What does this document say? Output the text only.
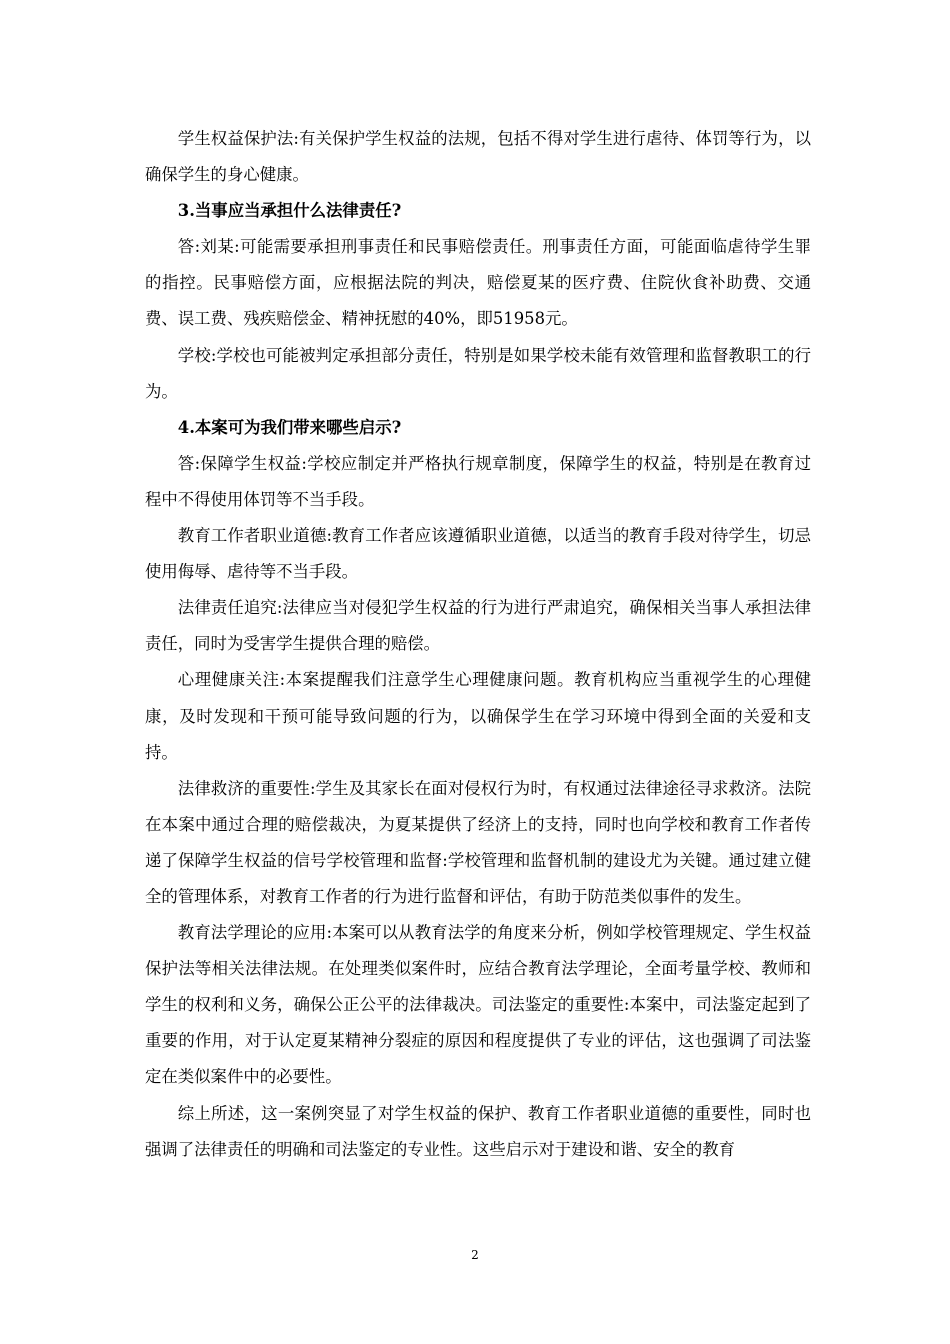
学生权益保护法:有关保护学生权益的法规，包括不得对学生进行虐待、体罚等行为，以确保学生的身心健康。

3.当事应当承担什么法律责任?

答:刘某:可能需要承担刑事责任和民事赔偿责任。刑事责任方面，可能面临虐待学生罪的指控。民事赔偿方面，应根据法院的判决，赔偿夏某的医疗费、住院伙食补助费、交通费、误工费、残疾赔偿金、精神抚慰的40%，即51958元。

学校:学校也可能被判定承担部分责任，特别是如果学校未能有效管理和监督教职工的行为。

4.本案可为我们带来哪些启示?

答:保障学生权益:学校应制定并严格执行规章制度，保障学生的权益，特别是在教育过程中不得使用体罚等不当手段。

教育工作者职业道德:教育工作者应该遵循职业道德，以适当的教育手段对待学生，切忌使用侮辱、虐待等不当手段。

法律责任追究:法律应当对侵犯学生权益的行为进行严肃追究，确保相关当事人承担法律责任，同时为受害学生提供合理的赔偿。

心理健康关注:本案提醒我们注意学生心理健康问题。教育机构应当重视学生的心理健康，及时发现和干预可能导致问题的行为，以确保学生在学习环境中得到全面的关爱和支持。

法律救济的重要性:学生及其家长在面对侵权行为时，有权通过法律途径寻求救济。法院在本案中通过合理的赔偿裁决，为夏某提供了经济上的支持，同时也向学校和教育工作者传递了保障学生权益的信号学校管理和监督:学校管理和监督机制的建设尤为关键。通过建立健全的管理体系，对教育工作者的行为进行监督和评估，有助于防范类似事件的发生。

教育法学理论的应用:本案可以从教育法学的角度来分析，例如学校管理规定、学生权益保护法等相关法律法规。在处理类似案件时，应结合教育法学理论，全面考量学校、教师和学生的权利和义务，确保公正公平的法律裁决。司法鉴定的重要性:本案中，司法鉴定起到了重要的作用，对于认定夏某精神分裂症的原因和程度提供了专业的评估，这也强调了司法鉴定在类似案件中的必要性。

综上所述，这一案例突显了对学生权益的保护、教育工作者职业道德的重要性，同时也强调了法律责任的明确和司法鉴定的专业性。这些启示对于建设和谐、安全的教育

2
